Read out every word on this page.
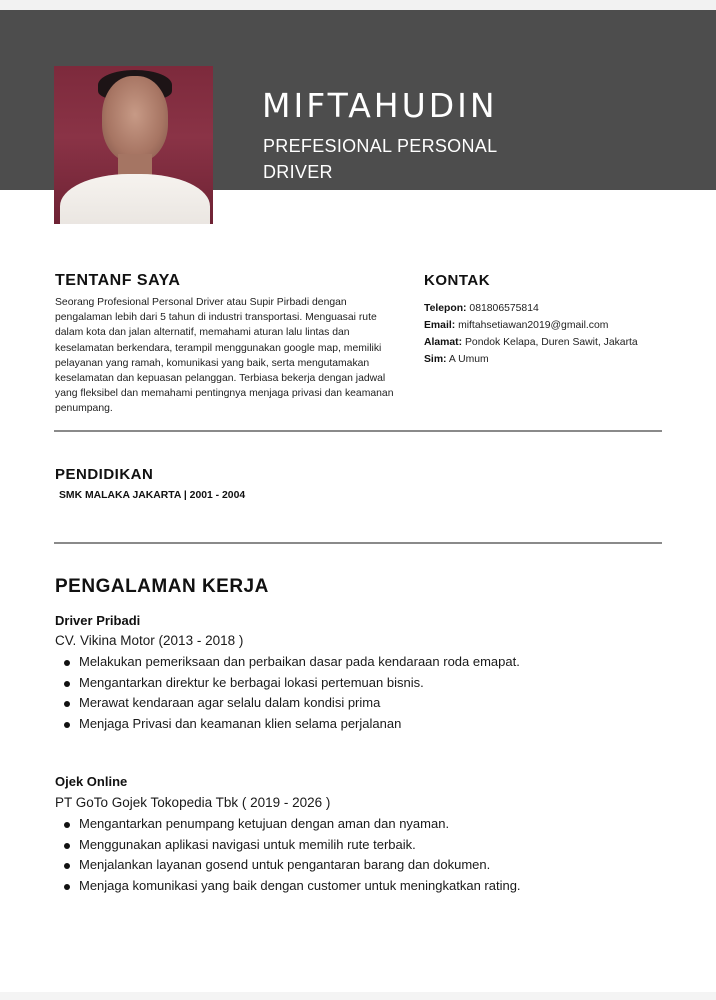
MIFTAHUDIN
PREFESIONAL PERSONAL
DRIVER
TENTANF SAYA
Seorang Profesional Personal Driver atau Supir Pirbadi dengan pengalaman lebih dari 5 tahun di industri transportasi. Menguasai rute dalam kota dan jalan alternatif, memahami aturan lalu lintas dan keselamatan berkendara, terampil menggunakan google map, memiliki pelayanan yang ramah, komunikasi yang baik, serta mengutamakan keselamatan dan kepuasan pelanggan. Terbiasa bekerja dengan jadwal yang fleksibel dan memahami pentingnya menjaga privasi dan keamanan penumpang.
KONTAK
Telepon: 081806575814
Email: miftahsetiawan2019@gmail.com
Alamat: Pondok Kelapa, Duren Sawit, Jakarta
Sim: A Umum
PENDIDIKAN
SMK MALAKA JAKARTA | 2001 - 2004
PENGALAMAN KERJA
Driver Pribadi
CV. Vikina Motor (2013 - 2018 )
Melakukan pemeriksaan dan perbaikan dasar pada kendaraan roda emapat.
Mengantarkan direktur ke berbagai lokasi pertemuan bisnis.
Merawat kendaraan agar selalu dalam kondisi prima
Menjaga Privasi dan keamanan klien selama perjalanan
Ojek Online
PT GoTo Gojek Tokopedia Tbk ( 2019 - 2026 )
Mengantarkan penumpang ketujuan dengan aman dan nyaman.
Menggunakan aplikasi navigasi untuk memilih rute terbaik.
Menjalankan layanan gosend untuk pengantaran barang dan dokumen.
Menjaga komunikasi yang baik dengan customer untuk meningkatkan rating.
